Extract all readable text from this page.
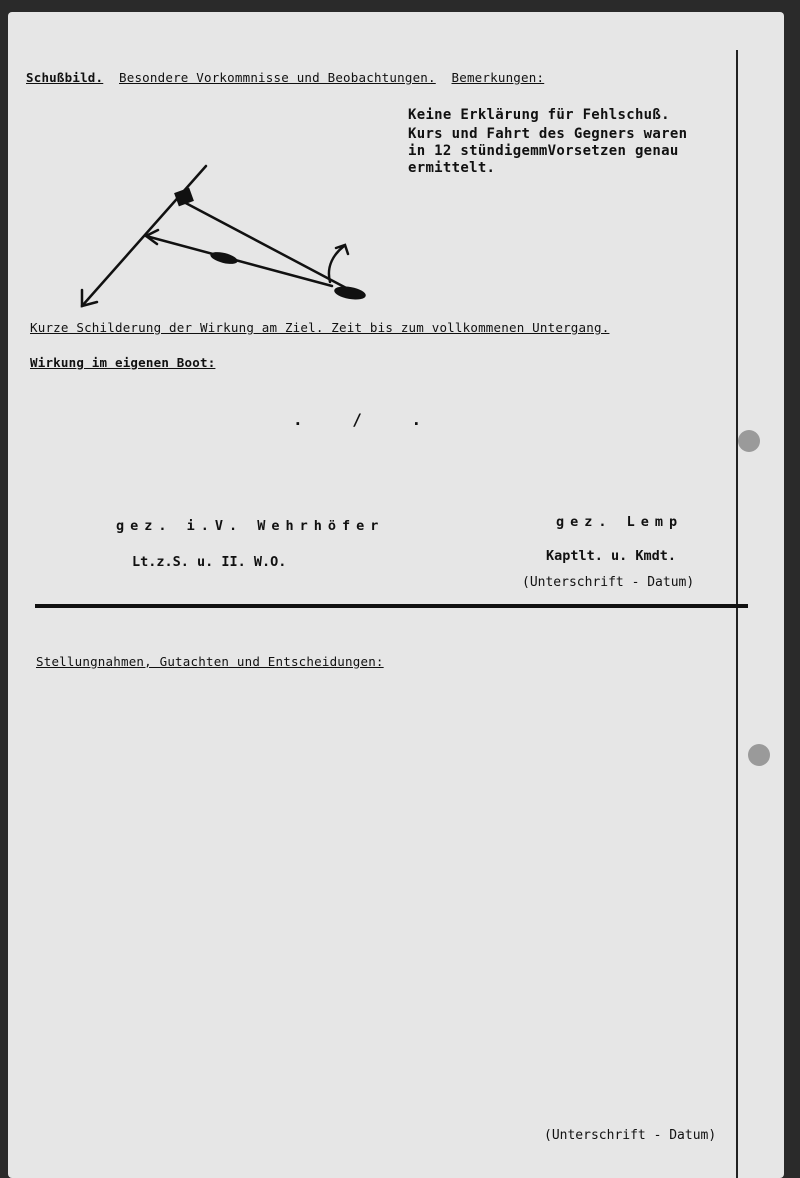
Schußbild. Besondere Vorkommnisse und Beobachtungen. Bemerkungen:
Keine Erklärung für Fehlschuß.
Kurs und Fahrt des Gegners waren
in 12 stündigemmVorsetzen genau
ermittelt.
Kurze Schilderung der Wirkung am Ziel. Zeit bis zum vollkommenen Untergang.
Wirkung im eigenen Boot:
. / .
gez. i.V. Wehrhöfer
Lt.z.S. u. II. W.O.
gez. Lemp
Kaptlt. u. Kmdt.
(Unterschrift - Datum)
Stellungnahmen, Gutachten und Entscheidungen:
(Unterschrift - Datum)
